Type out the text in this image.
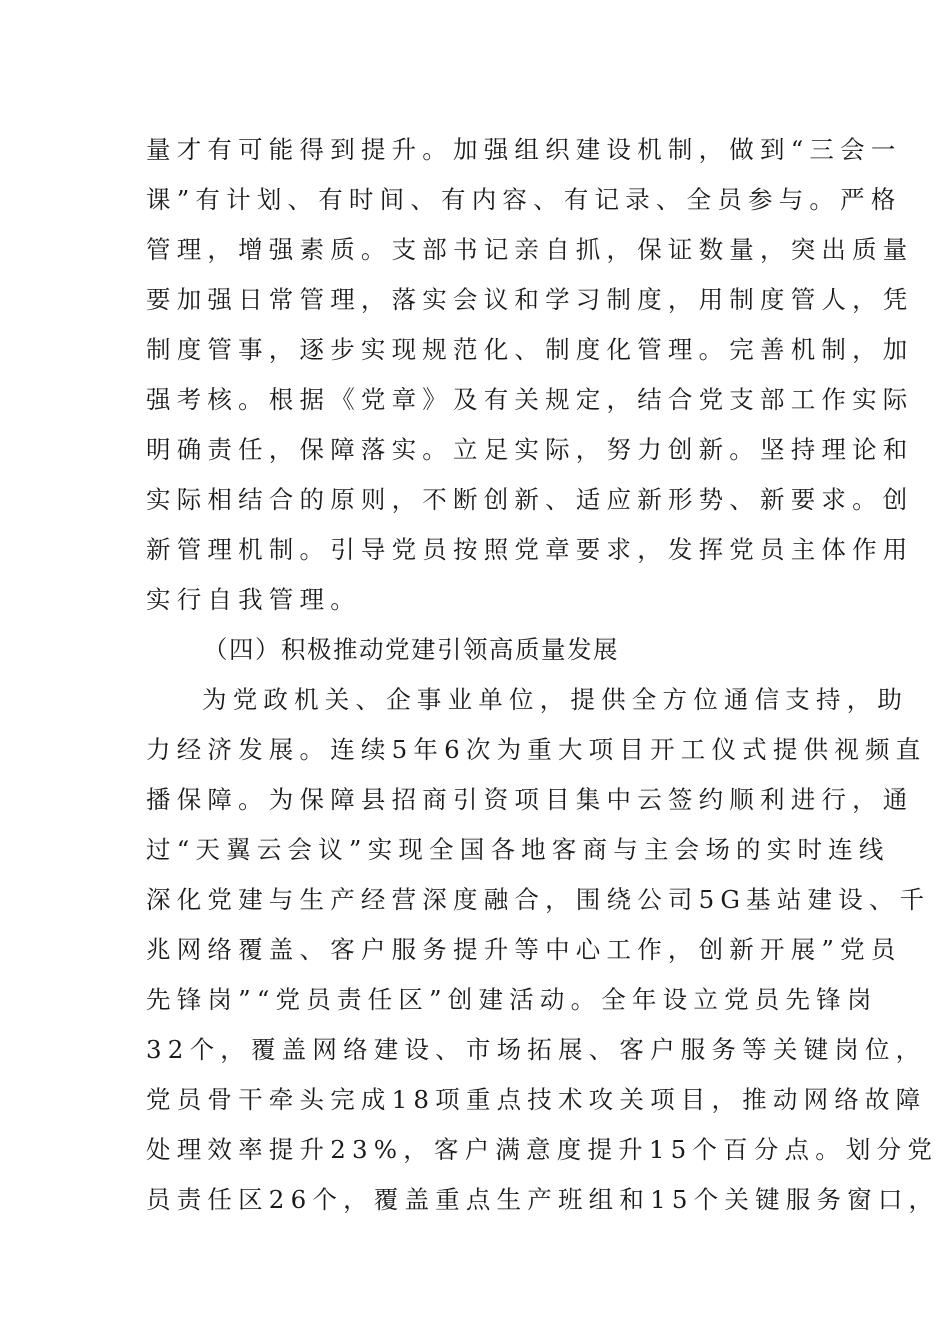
量才有可能得到提升。加强组织建设机制，做到“三会一
课”有计划、有时间、有内容、有记录、全员参与。严格
管理，增强素质。支部书记亲自抓，保证数量，突出质量
要加强日常管理，落实会议和学习制度，用制度管人，凭
制度管事，逐步实现规范化、制度化管理。完善机制，加
强考核。根据《党章》及有关规定，结合党支部工作实际
明确责任，保障落实。立足实际，努力创新。坚持理论和
实际相结合的原则，不断创新、适应新形势、新要求。创
新管理机制。引导党员按照党章要求，发挥党员主体作用
实行自我管理。
（四）积极推动党建引领高质量发展
为党政机关、企事业单位，提供全方位通信支持，助
力经济发展。连续5年6次为重大项目开工仪式提供视频直
播保障。为保障县招商引资项目集中云签约顺利进行，通
过“天翼云会议”实现全国各地客商与主会场的实时连线
深化党建与生产经营深度融合，围绕公司5G基站建设、千
兆网络覆盖、客户服务提升等中心工作，创新开展”党员
先锋岗”“党员责任区”创建活动。全年设立党员先锋岗
32个，覆盖网络建设、市场拓展、客户服务等关键岗位，
党员骨干牵头完成18项重点技术攻关项目，推动网络故障
处理效率提升23%，客户满意度提升15个百分点。划分党
员责任区26个，覆盖重点生产班组和15个关键服务窗口，
